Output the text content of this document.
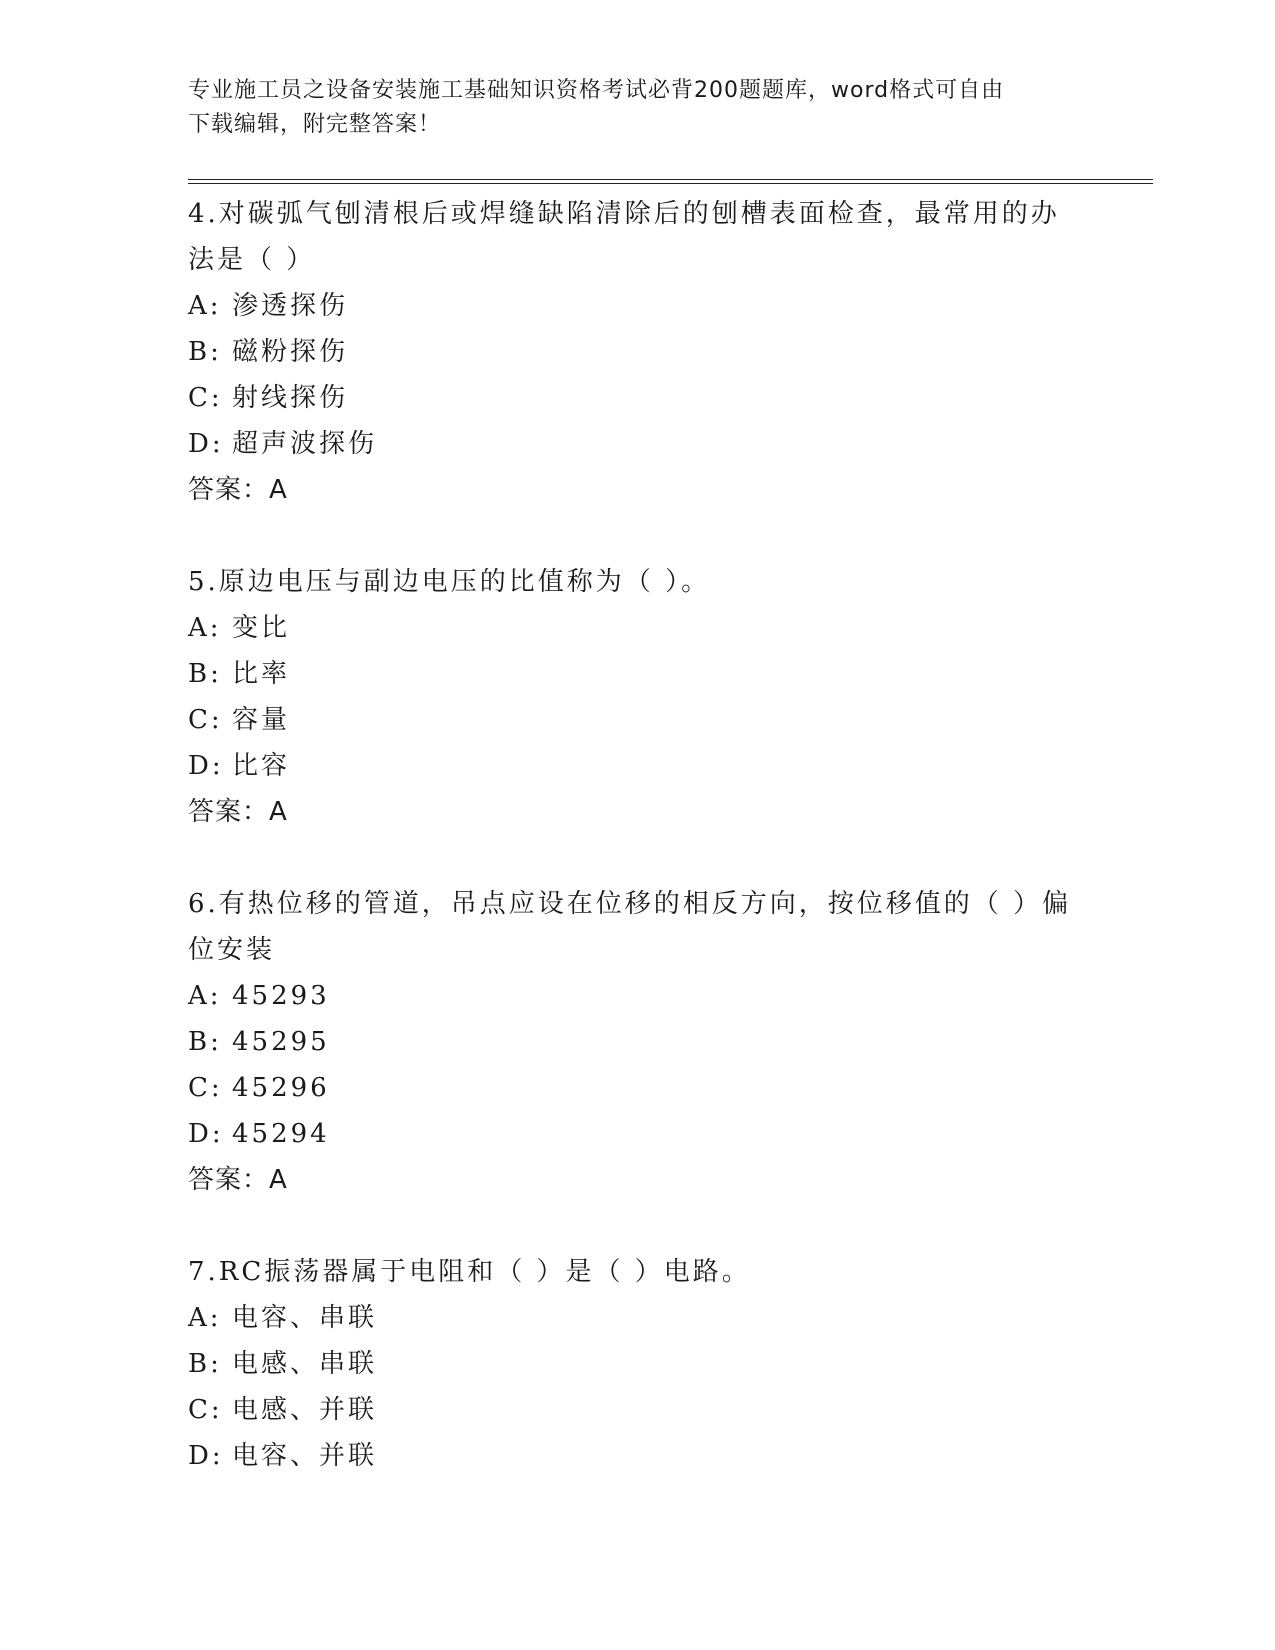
专业施工员之设备安装施工基础知识资格考试必背200题题库，word格式可自由
下载编辑，附完整答案！
4.对碳弧气刨清根后或焊缝缺陷清除后的刨槽表面检查，最常用的办
法是（ ）
A: 渗透探伤
B: 磁粉探伤
C: 射线探伤
D: 超声波探伤
答案：A
5.原边电压与副边电压的比值称为（ ）。
A: 变比
B: 比率
C: 容量
D: 比容
答案：A
6.有热位移的管道，吊点应设在位移的相反方向，按位移值的（ ）偏
位安装
A: 45293
B: 45295
C: 45296
D: 45294
答案：A
7.RC振荡器属于电阻和（ ）是（ ）电路。
A: 电容、串联
B: 电感、串联
C: 电感、并联
D: 电容、并联
